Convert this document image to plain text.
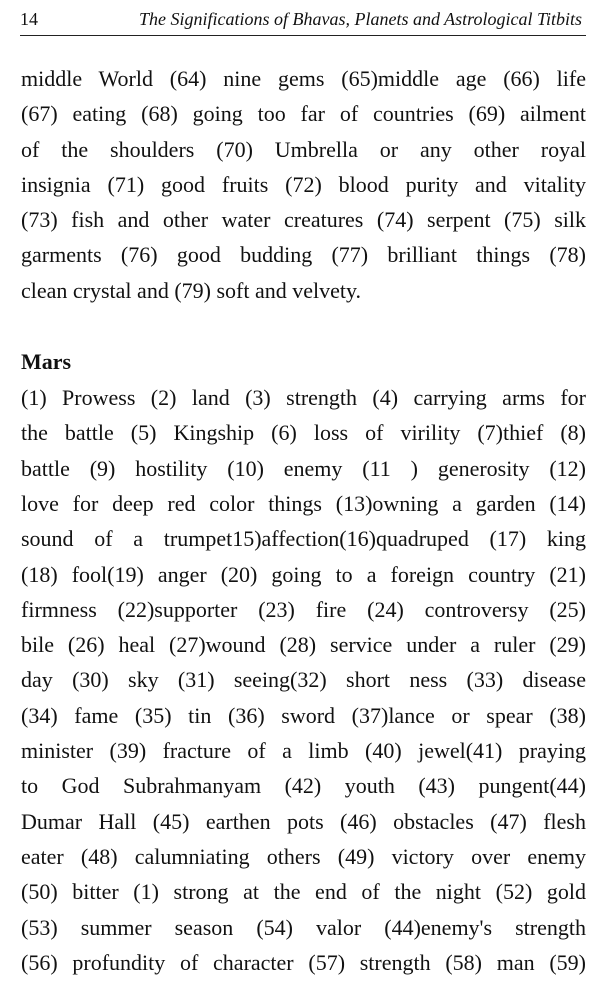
14	The Significations of Bhavas, Planets and Astrological Titbits
middle World (64) nine gems (65)middle age (66) life
(67) eating (68) going too far of countries (69) ailment
of the shoulders (70) Umbrella or any other royal
insignia (71) good fruits (72) blood purity and vitality
(73) fish and other water creatures (74) serpent (75) silk
garments (76) good budding (77) brilliant things (78)
clean crystal and (79) soft and velvety.
Mars
(1) Prowess (2) land (3) strength (4) carrying arms for
the battle (5) Kingship (6) loss of virility (7)thief (8)
battle (9) hostility (10) enemy (11 ) generosity (12)
love for deep red color things (13)owning a garden (14)
sound of a trumpet15)affection(16)quadruped (17) king
(18) fool(19) anger (20) going to a foreign country (21)
firmness (22)supporter (23) fire (24) controversy (25)
bile (26) heal (27)wound (28) service under a ruler (29)
day (30) sky (31) seeing(32) short ness (33) disease
(34) fame (35) tin (36) sword (37)lance or spear (38)
minister (39) fracture of a limb (40) jewel(41) praying
to God Subrahmanyam (42) youth (43) pungent(44)
Dumar Hall (45) earthen pots (46) obstacles (47) flesh
eater (48) calumniating others (49) victory over enemy
(50) bitter (1) strong at the end of the night (52) gold
(53) summer season (54) valor (44)enemy's strength
(56) profundity of character (57) strength (58) man (59)
